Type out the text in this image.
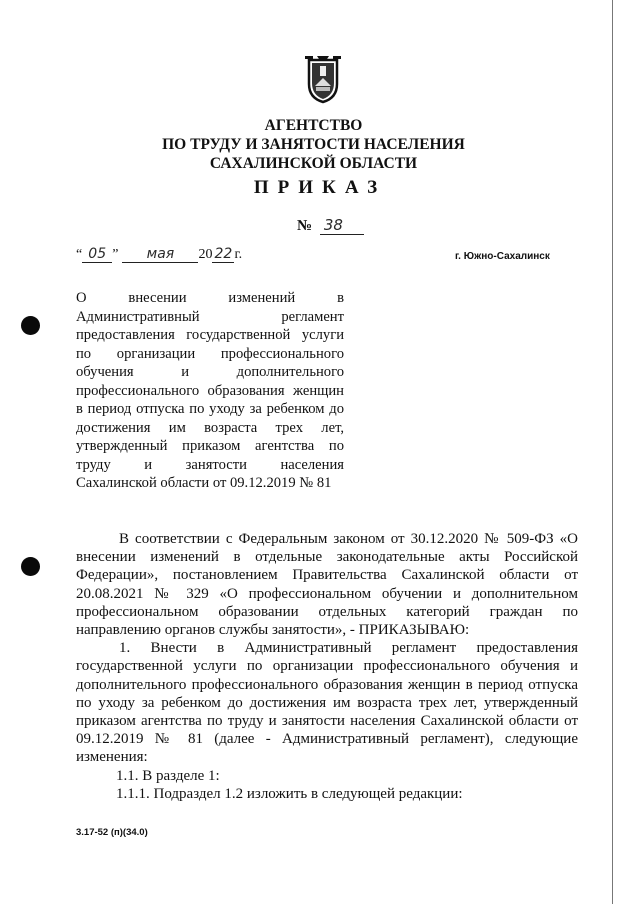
АГЕНТСТВО
ПО ТРУДУ И ЗАНЯТОСТИ НАСЕЛЕНИЯ
САХАЛИНСКОЙ ОБЛАСТИ
ПРИКАЗ
№ 38
“ 05 ” мая 20 22 г.	г. Южно-Сахалинск
О внесении изменений в
Административный регламент
предоставления государственной услуги
по организации профессионального
обучения и дополнительного
профессионального образования женщин
в период отпуска по уходу за ребенком до
достижения им возраста трех лет,
утвержденный приказом агентства по
труду и занятости населения
Сахалинской области от 09.12.2019 № 81

В соответствии с Федеральным законом от 30.12.2020 № 509-ФЗ «О внесении изменений в отдельные законодательные акты Российской Федерации», постановлением Правительства Сахалинской области от 20.08.2021 № 329 «О профессиональном обучении и дополнительном профессиональном образовании отдельных категорий граждан по направлению органов службы занятости», - ПРИКАЗЫВАЮ:

1. Внести в Административный регламент предоставления государственной услуги по организации профессионального обучения и дополнительного профессионального образования женщин в период отпуска по уходу за ребенком до достижения им возраста трех лет, утвержденный приказом агентства по труду и занятости населения Сахалинской области от 09.12.2019 № 81 (далее - Административный регламент), следующие изменения:

1.1. В разделе 1:

1.1.1. Подраздел 1.2 изложить в следующей редакции:

3.17-52 (п)(34.0)
